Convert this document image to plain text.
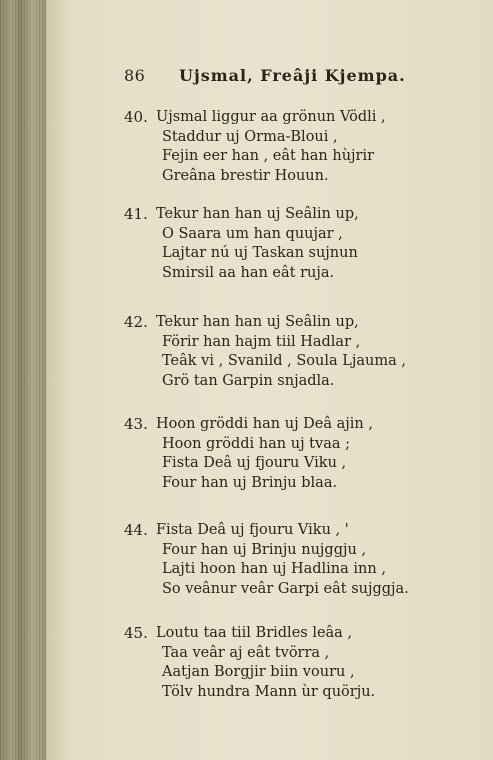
86	Ujsmal, Freâji Kjempa.
40. Ujsmal liggur aa grönun Vödli ,
Staddur uj Orma-Bloui ,
Fejin eer han , eât han hùjrir
Greâna brestir Houun.
41. Tekur han han uj Seâlin up,
O Saara um han quujar ,
Lajtar nú uj Taskan sujnun
Smirsil aa han eât ruja.
42. Tekur han han uj Seâlin up,
Förir han hajm tiil Hadlar ,
Teâk vi , Svanild , Soula Ljauma ,
Grö tan Garpin snjadla.
43. Hoon gröddi han uj Deâ ajin ,
Hoon gröddi han uj tvaa ;
Fista Deâ uj fjouru Viku ,
Four han uj Brinju blaa.
44. Fista Deâ uj fjouru Viku , '
Four han uj Brinju nujggju ,
Lajti hoon han uj Hadlina inn ,
So veânur veâr Garpi eât sujggja.
45. Loutu taa tiil Bridles leâa ,
Taa veâr aj eât tvörra ,
Aatjan Borgjir biin vouru ,
Tölv hundra Mann ùr quörju.
